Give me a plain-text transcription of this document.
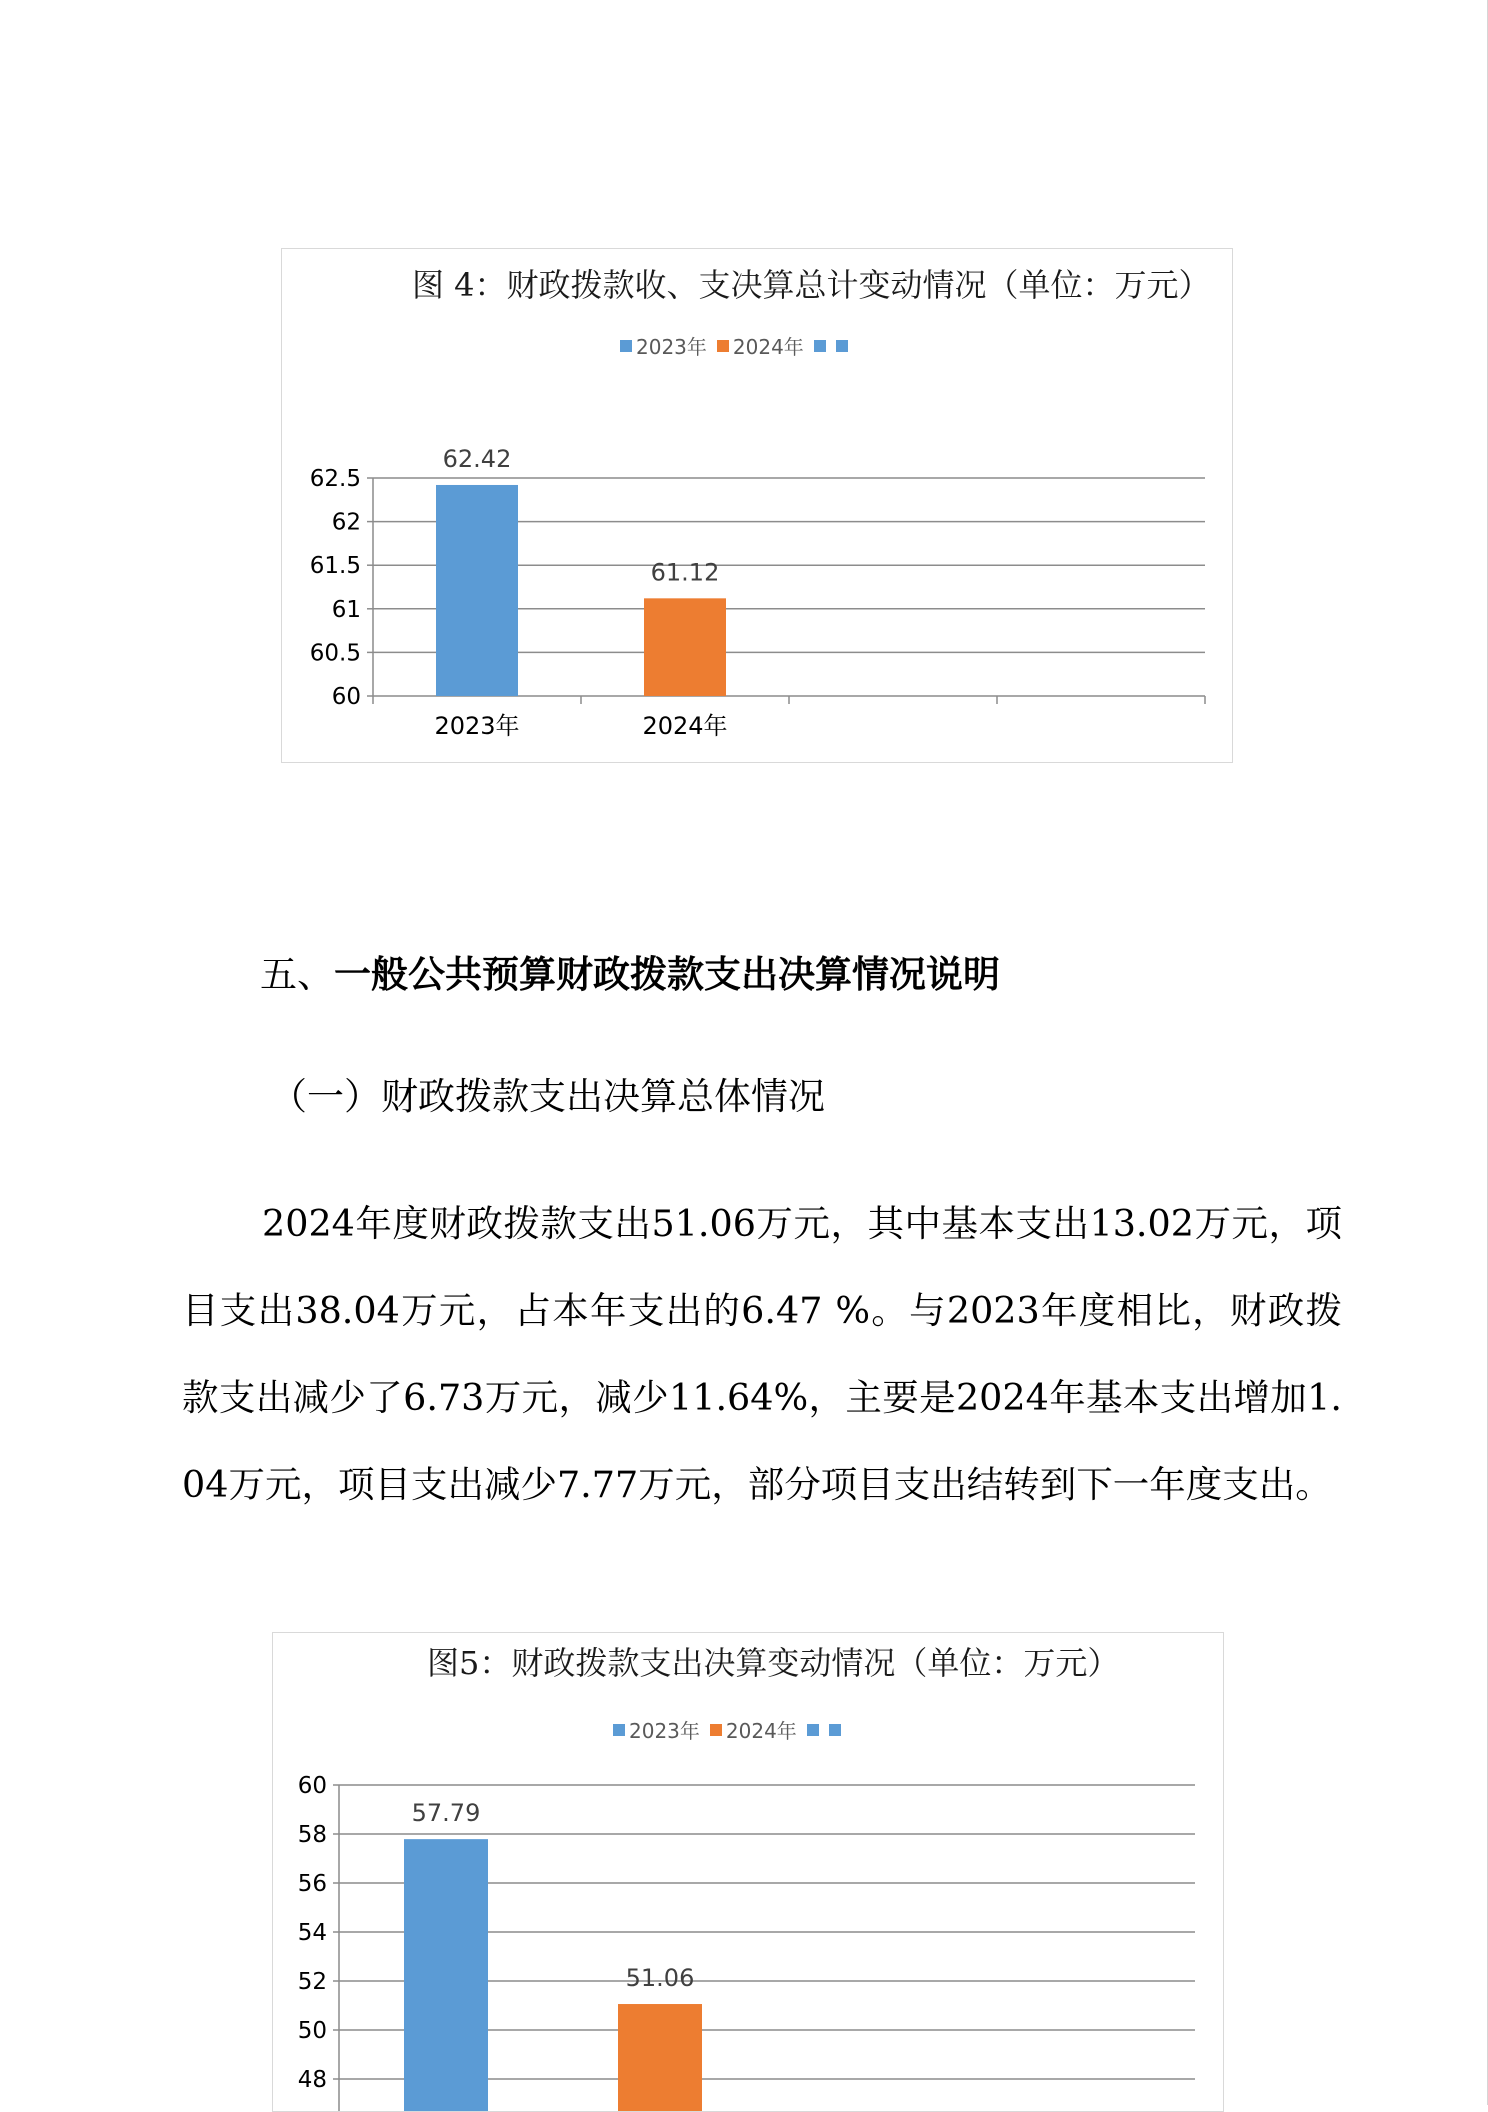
图 4：财政拨款收、支决算总计变动情况（单位：万元）
2023年 2024年
60
60.5
61
61.5
62
62.5
62.42
2023年
61.12
2024年
五、一般公共预算财政拨款支出决算情况说明
（一）财政拨款支出决算总体情况
2024年度财政拨款支出51.06万元，其中基本支出13.02万元，项目支出38.04万元，占本年支出的6.47 %。与2023年度相比，财政拨款支出减少了6.73万元，减少11.64%，主要是2024年基本支出增加1.04万元，项目支出减少7.77万元，部分项目支出结转到下一年度支出。
图5：财政拨款支出决算变动情况（单位：万元）
2023年 2024年
48
50
52
54
56
58
60
57.79
51.06
